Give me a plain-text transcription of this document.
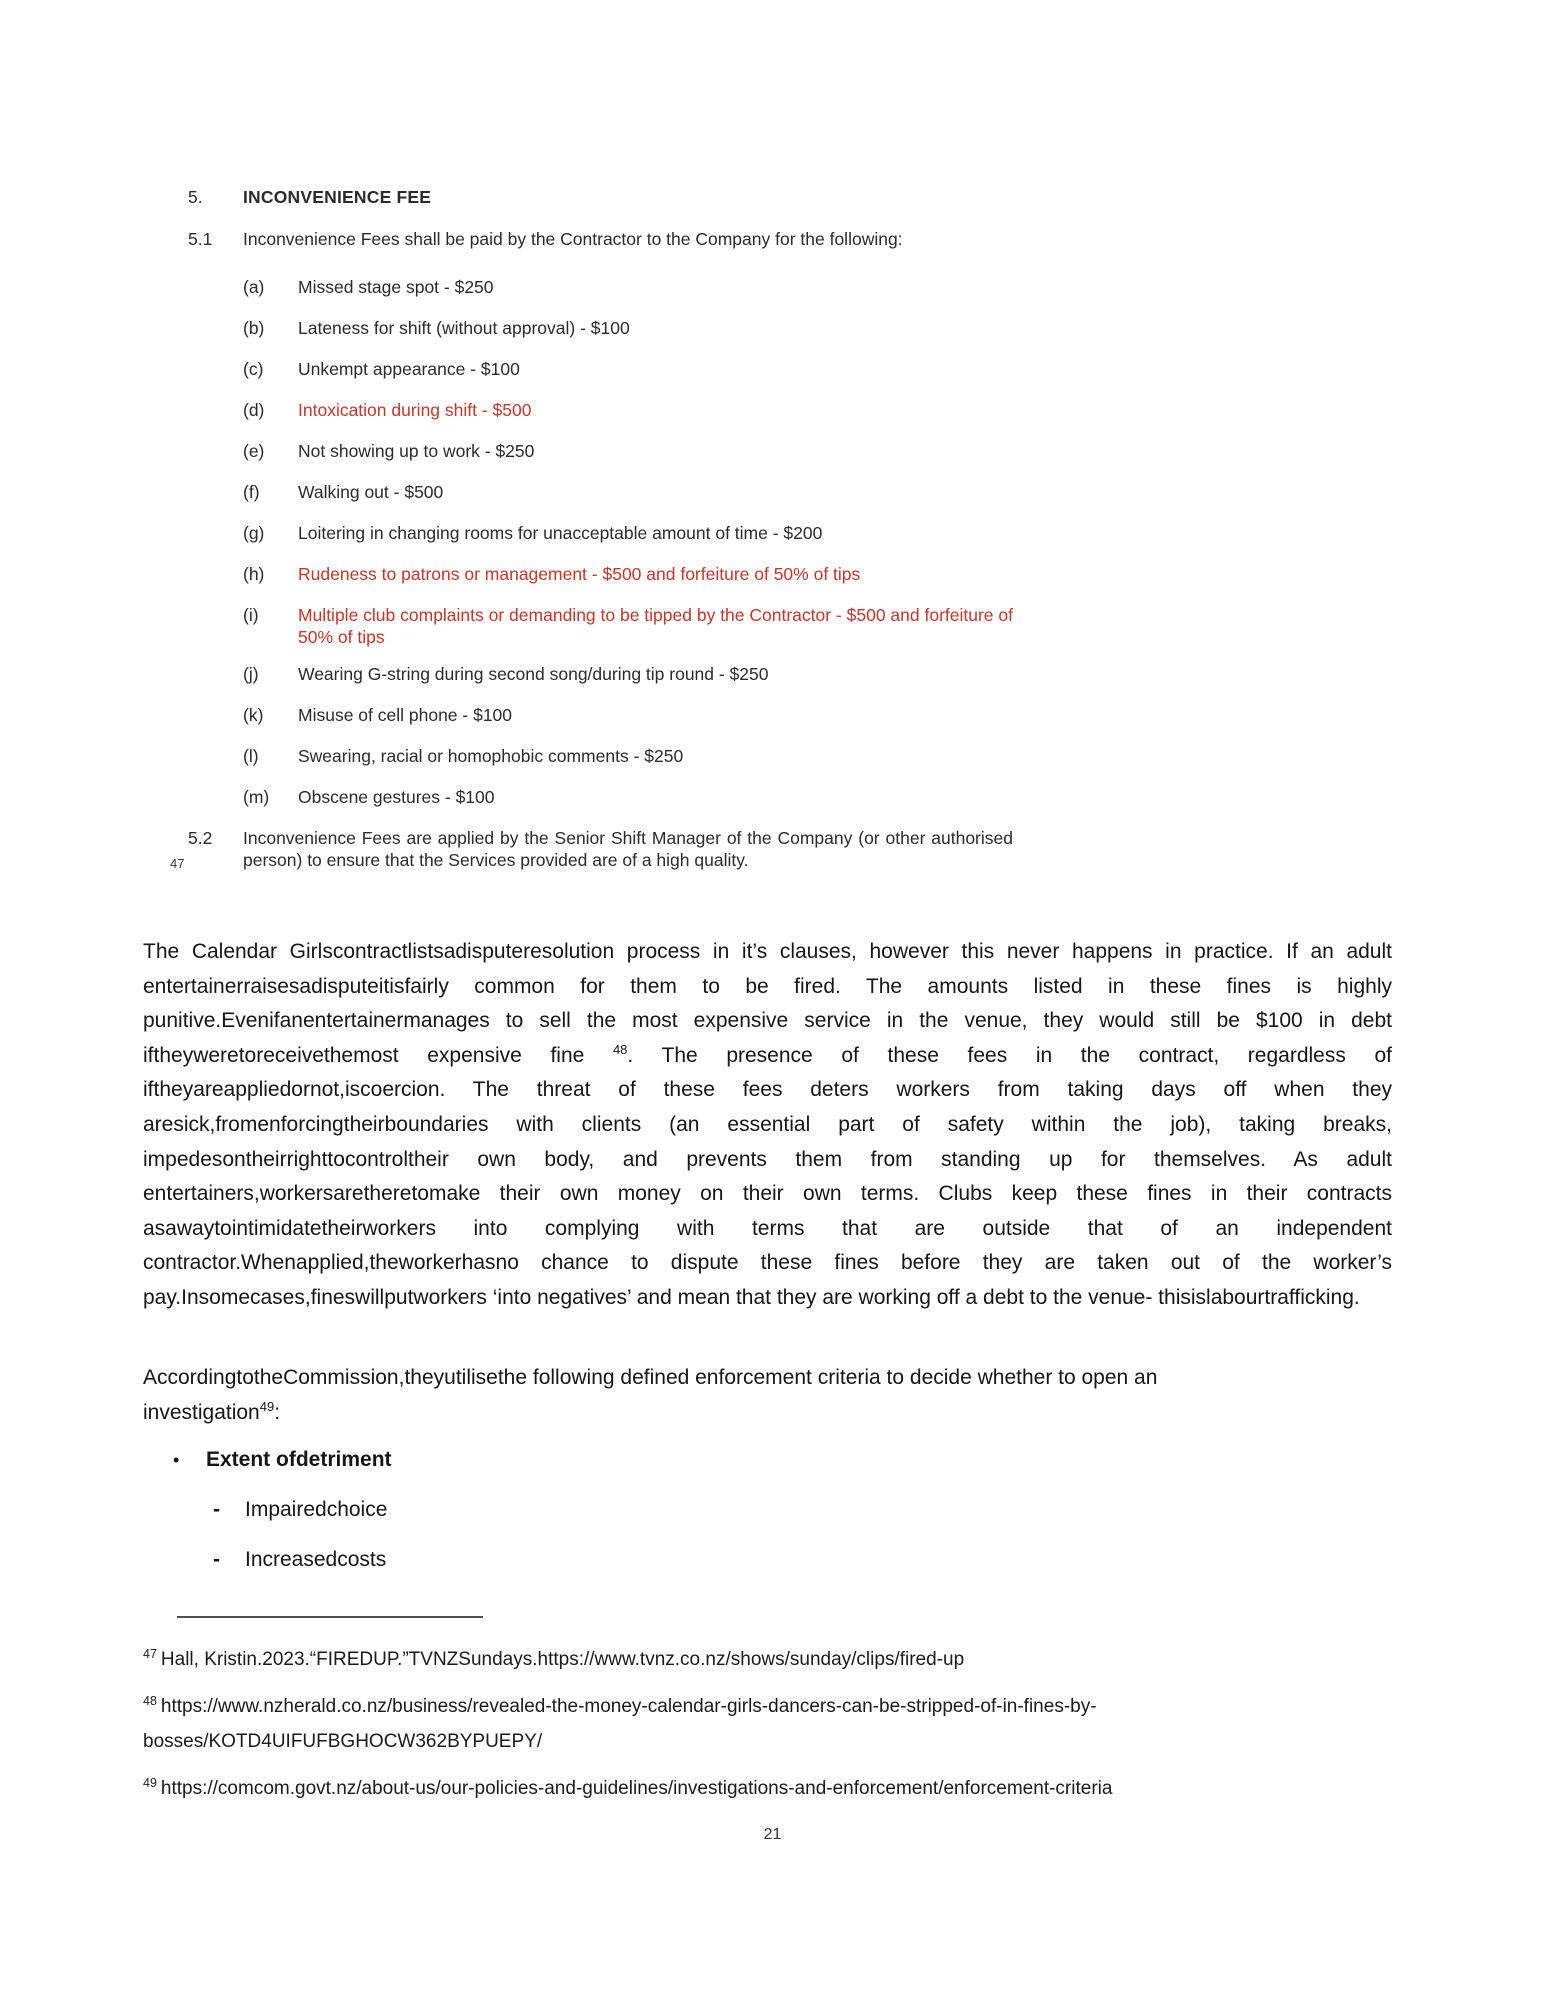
5.	INCONVENIENCE FEE
5.1	Inconvenience Fees shall be paid by the Contractor to the Company for the following:
(a)	Missed stage spot - $250
(b)	Lateness for shift (without approval) - $100
(c)	Unkempt appearance - $100
(d)	Intoxication during shift - $500
(e)	Not showing up to work - $250
(f)	Walking out - $500
(g)	Loitering in changing rooms for unacceptable amount of time - $200
(h)	Rudeness to patrons or management - $500 and forfeiture of 50% of tips
(i)	Multiple club complaints or demanding to be tipped by the Contractor - $500 and forfeiture of 50% of tips
(j)	Wearing G-string during second song/during tip round - $250
(k)	Misuse of cell phone - $100
(l)	Swearing, racial or homophobic comments - $250
(m)	Obscene gestures - $100
5.2	Inconvenience Fees are applied by the Senior Shift Manager of the Company (or other authorised person) to ensure that the Services provided are of a high quality.
47

The Calendar Girlscontractlistsadisputeresolution process in it’s clauses, however this never happens in practice. If an adult entertainerraisesadisputeitisfairly common for them to be fired. The amounts listed in these fines is highly punitive.Evenifanentertainermanages to sell the most expensive service in the venue, they would still be $100 in debt iftheyweretoreceivethemost expensive fine $^{48}$. The presence of these fees in the contract, regardless of iftheyareappliedornot,iscoercion. The threat of these fees deters workers from taking days off when they aresick,fromenforcingtheirboundaries with clients (an essential part of safety within the job), taking breaks, impedesontheirrighttocontroltheir own body, and prevents them from standing up for themselves. As adult entertainers,workersaretheretomake their own money on their own terms. Clubs keep these fines in their contracts asawaytointimidatetheirworkers into complying with terms that are outside that of an independent contractor.Whenapplied,theworkerhasno chance to dispute these fines before they are taken out of the worker’s pay.Insomecases,fineswillputworkers ‘into negatives’ and mean that they are working off a debt to the venue- thisislabourtrafficking.

AccordingtotheCommission,theyutilisethe following defined enforcement criteria to decide whether to open an
investigation$^{49}$:

•	Extent ofdetriment
-	Impairedchoice
-	Increasedcosts

$^{47}$ Hall, Kristin.2023.“FIREDUP.”TVNZSundays.https://www.tvnz.co.nz/shows/sunday/clips/fired-up

$^{48}$ https://www.nzherald.co.nz/business/revealed-the-money-calendar-girls-dancers-can-be-stripped-of-in-fines-by-bosses/KOTD4UIFUFBGHOCW362BYPUEPY/

$^{49}$ https://comcom.govt.nz/about-us/our-policies-and-guidelines/investigations-and-enforcement/enforcement-criteria

21
